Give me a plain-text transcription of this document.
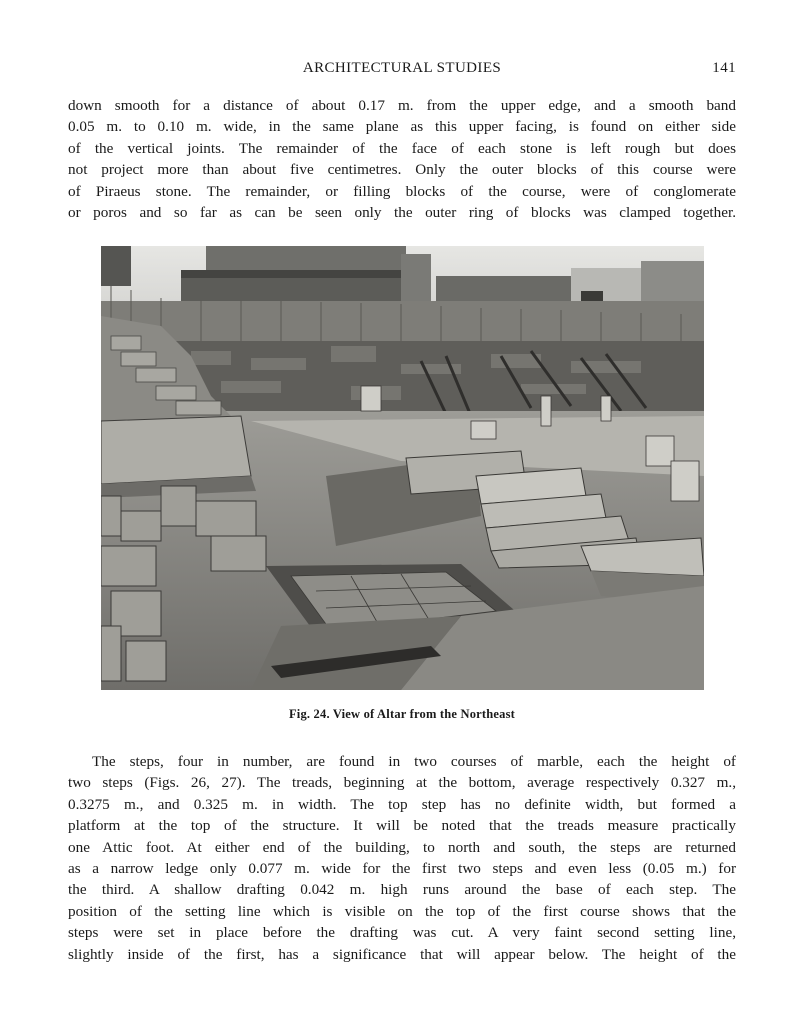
ARCHITECTURAL STUDIES	141
down smooth for a distance of about 0.17 m. from the upper edge, and a smooth band
0.05 m. to 0.10 m. wide, in the same plane as this upper facing, is found on either side
of the vertical joints. The remainder of the face of each stone is left rough but does
not project more than about five centimetres. Only the outer blocks of this course were
of Piraeus stone. The remainder, or filling blocks of the course, were of conglomerate
or poros and so far as can be seen only the outer ring of blocks was clamped together.
Fig. 24. View of Altar from the Northeast
The steps, four in number, are found in two courses of marble, each the height of
two steps (Figs. 26, 27). The treads, beginning at the bottom, average respectively 0.327 m.,
0.3275 m., and 0.325 m. in width. The top step has no definite width, but formed a
platform at the top of the structure. It will be noted that the treads measure practically
one Attic foot. At either end of the building, to north and south, the steps are returned
as a narrow ledge only 0.077 m. wide for the first two steps and even less (0.05 m.) for
the third. A shallow drafting 0.042 m. high runs around the base of each step. The
position of the setting line which is visible on the top of the first course shows that the
steps were set in place before the drafting was cut. A very faint second setting line,
slightly inside of the first, has a significance that will appear below. The height of the
